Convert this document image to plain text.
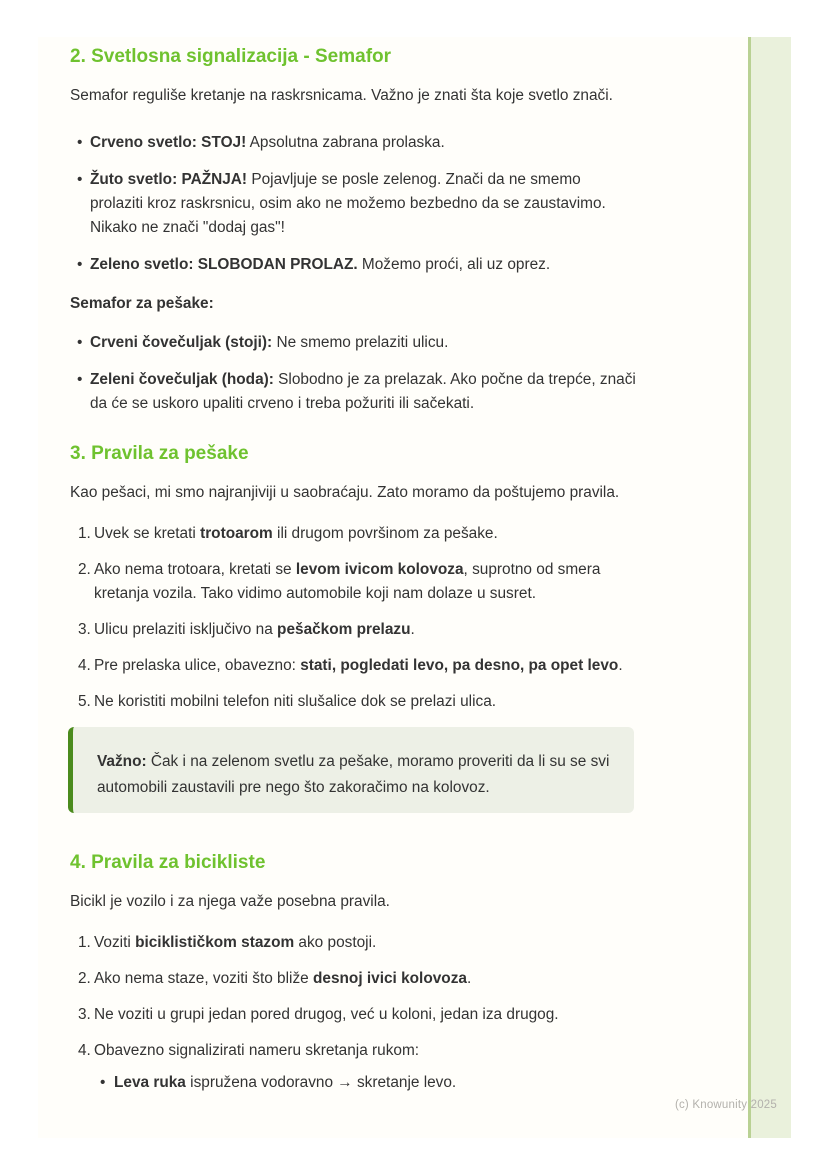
2. Svetlosna signalizacija - Semafor

Semafor reguliše kretanje na raskrsnicama. Važno je znati šta koje svetlo znači.

• Crveno svetlo: STOJ! Apsolutna zabrana prolaska.
• Žuto svetlo: PAŽNJA! Pojavljuje se posle zelenog. Znači da ne smemo prolaziti kroz raskrsnicu, osim ako ne možemo bezbedno da se zaustavimo. Nikako ne znači "dodaj gas"!
• Zeleno svetlo: SLOBODAN PROLAZ. Možemo proći, ali uz oprez.

Semafor za pešake:

• Crveni čovečuljak (stoji): Ne smemo prelaziti ulicu.
• Zeleni čovečuljak (hoda): Slobodno je za prelazak. Ako počne da trepće, znači da će se uskoro upaliti crveno i treba požuriti ili sačekati.
3. Pravila za pešake

Kao pešaci, mi smo najranjiviji u saobraćaju. Zato moramo da poštujemo pravila.

1. Uvek se kretati trotoarom ili drugom površinom za pešake.
2. Ako nema trotoara, kretati se levom ivicom kolovoza, suprotno od smera kretanja vozila. Tako vidimo automobile koji nam dolaze u susret.
3. Ulicu prelaziti isključivo na pešačkom prelazu.
4. Pre prelaska ulice, obavezno: stati, pogledati levo, pa desno, pa opet levo.
5. Ne koristiti mobilni telefon niti slušalice dok se prelazi ulica.
Važno: Čak i na zelenom svetlu za pešake, moramo proveriti da li su se svi automobili zaustavili pre nego što zakoračimo na kolovoz.
4. Pravila za bicikliste

Bicikl je vozilo i za njega važe posebna pravila.

1. Voziti biciklističkom stazom ako postoji.
2. Ako nema staze, voziti što bliže desnoj ivici kolovoza.
3. Ne voziti u grupi jedan pored drugog, već u koloni, jedan iza drugog.
4. Obavezno signalizirati nameru skretanja rukom:
• Leva ruka ispružena vodoravno → skretanje levo.
(c) Knowunity 2025
